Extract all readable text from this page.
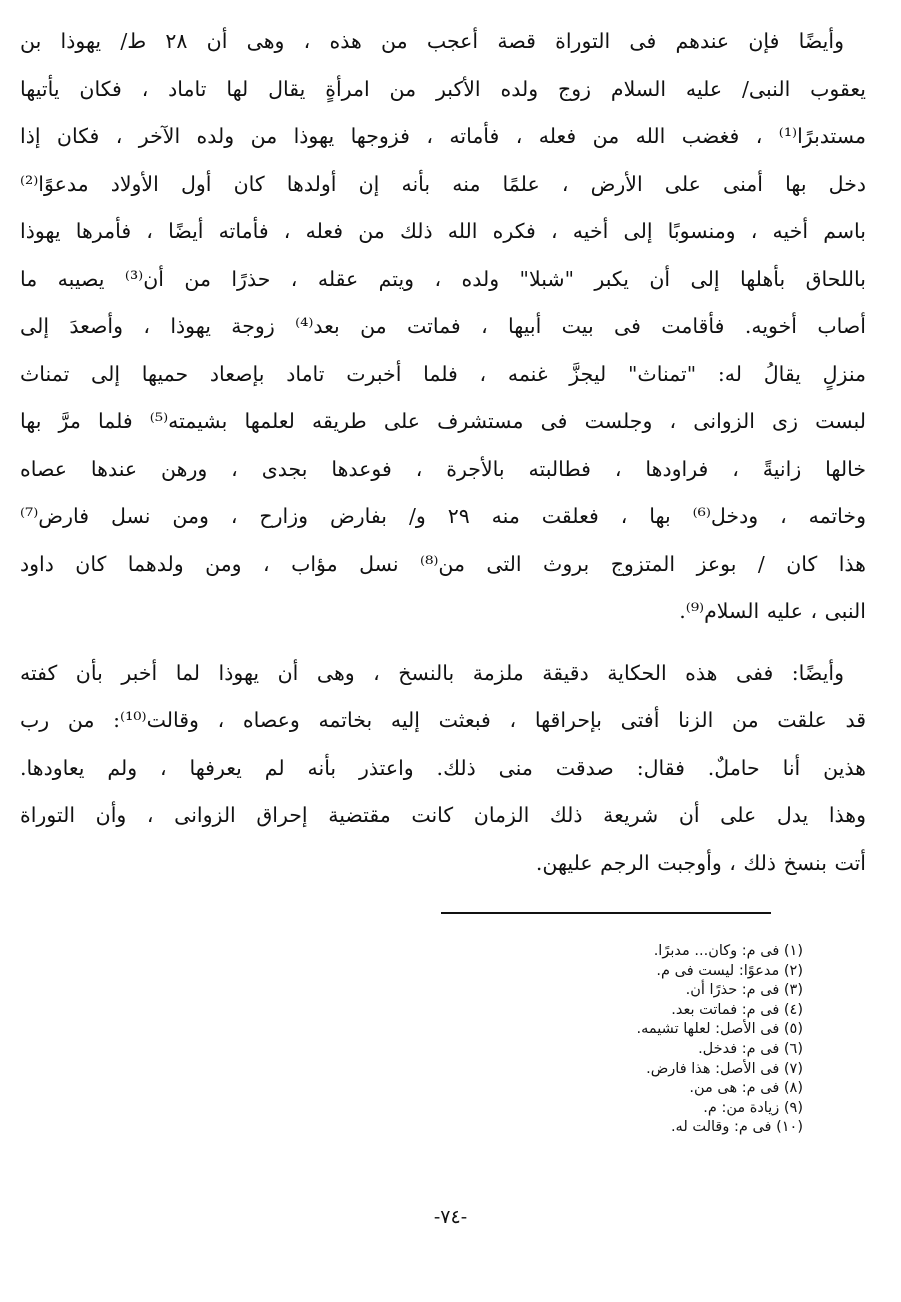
وأيضًا فإن عندهم فى التوراة قصة أعجب من هذه ، وهى أن ٢٨ ط/ يهوذا بن
يعقوب النبى/ عليه السلام زوج ولده الأكبر من امرأةٍ يقال لها تاماد ، فكان يأتيها
مستدبرًا⁽¹⁾ ، فغضب الله من فعله ، فأماته ، فزوجها يهوذا من ولده الآخر ، فكان إذا
دخل بها أمنى على الأرض ، علمًا منه بأنه إن أولدها كان أول الأولاد مدعوًا⁽²⁾
باسم أخيه ، ومنسوبًا إلى أخيه ، فكره الله ذلك من فعله ، فأماته أيضًا ، فأمرها يهوذا
باللحاق بأهلها إلى أن يكبر "شبلا" ولده ، ويتم عقله ، حذرًا من أن⁽³⁾ يصيبه ما
أصاب أخويه. فأقامت فى بيت أبيها ، فماتت من بعد⁽⁴⁾ زوجة يهوذا ، وأصعدَ إلى
منزلٍ يقالُ له: "تمناث" ليجزَّ غنمه ، فلما أخبرت تاماد بإصعاد حميها إلى تمناث
لبست زى الزوانى ، وجلست فى مستشرف على طريقه لعلمها بشيمته⁽⁵⁾ فلما مرَّ بها
خالها زانيةً ، فراودها ، فطالبته بالأجرة ، فوعدها بجدى ، ورهن عندها عصاه
وخاتمه ، ودخل⁽⁶⁾ بها ، فعلقت منه ٢٩ و/ بفارض وزارح ، ومن نسل فارض⁽⁷⁾
هذا كان / بوعز المتزوج بروث التى من⁽⁸⁾ نسل مؤاب ، ومن ولدهما كان داود
النبى ، عليه السلام⁽⁹⁾.
وأيضًا: ففى هذه الحكاية دقيقة ملزمة بالنسخ ، وهى أن يهوذا لما أخبر بأن كفته
قد علقت من الزنا أفتى بإحراقها ، فبعثت إليه بخاتمه وعصاه ، وقالت⁽¹⁰⁾: من رب
هذين أنا حاملٌ. فقال: صدقت منى ذلك. واعتذر بأنه لم يعرفها ، ولم يعاودها.
وهذا يدل على أن شريعة ذلك الزمان كانت مقتضية إحراق الزوانى ، وأن التوراة
أتت بنسخ ذلك ، وأوجبت الرجم عليهن.
(١) فى م: وكان... مدبرًا.
(٢) مدعوًا: ليست فى م.
(٣) فى م: حذرًا أن.
(٤) فى م: فماتت بعد.
(٥) فى الأصل: لعلها تشيمه.
(٦) فى م: فدخل.
(٧) فى الأصل: هذا فارض.
(٨) فى م: هى من.
(٩) زيادة من: م.
(١٠) فى م: وقالت له.
-٧٤-
